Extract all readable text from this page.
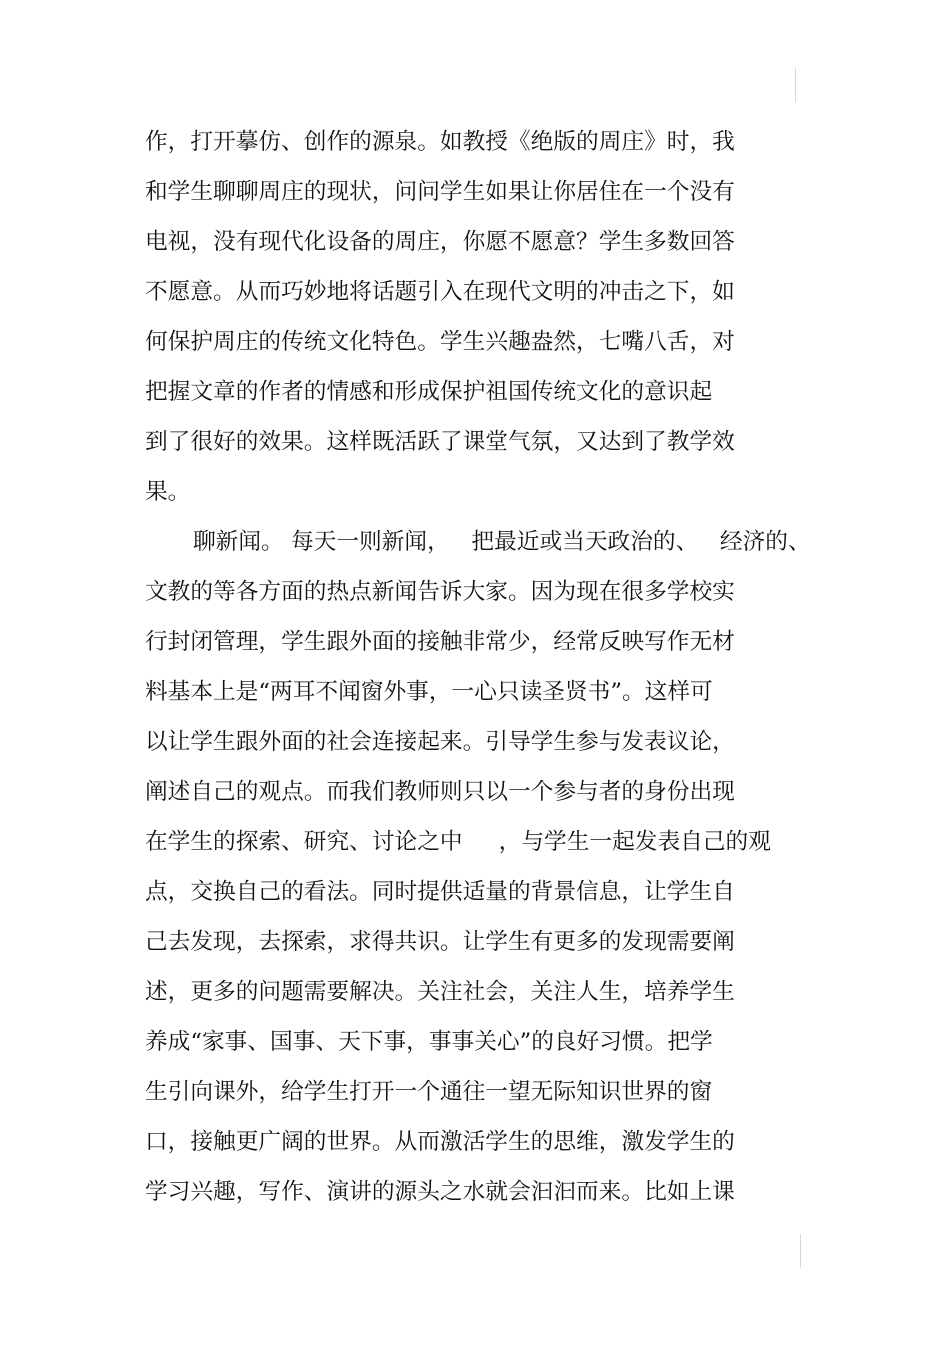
作，打开摹仿、创作的源泉。如教授《绝版的周庄》时，我
和学生聊聊周庄的现状，问问学生如果让你居住在一个没有
电视，没有现代化设备的周庄，你愿不愿意？学生多数回答
不愿意。从而巧妙地将话题引入在现代文明的冲击之下，如
何保护周庄的传统文化特色。学生兴趣盎然，七嘴八舌，对
把握文章的作者的情感和形成保护祖国传统文化的意识起
到了很好的效果。这样既活跃了课堂气氛，又达到了教学效
果。
聊新闻。 每天一则新闻，   把最近或当天政治的、   经济的、
文教的等各方面的热点新闻告诉大家。因为现在很多学校实
行封闭管理，学生跟外面的接触非常少，经常反映写作无材
料基本上是“两耳不闻窗外事，一心只读圣贤书”。这样可
以让学生跟外面的社会连接起来。引导学生参与发表议论，
阐述自己的观点。而我们教师则只以一个参与者的身份出现
在学生的探索、研究、讨论之中     ，与学生一起发表自己的观
点，交换自己的看法。同时提供适量的背景信息，让学生自
己去发现，去探索，求得共识。让学生有更多的发现需要阐
述，更多的问题需要解决。关注社会，关注人生，培养学生
养成“家事、国事、天下事，事事关心”的良好习惯。把学
生引向课外，给学生打开一个通往一望无际知识世界的窗
口，接触更广阔的世界。从而激活学生的思维，激发学生的
学习兴趣，写作、演讲的源头之水就会汩汩而来。比如上课
